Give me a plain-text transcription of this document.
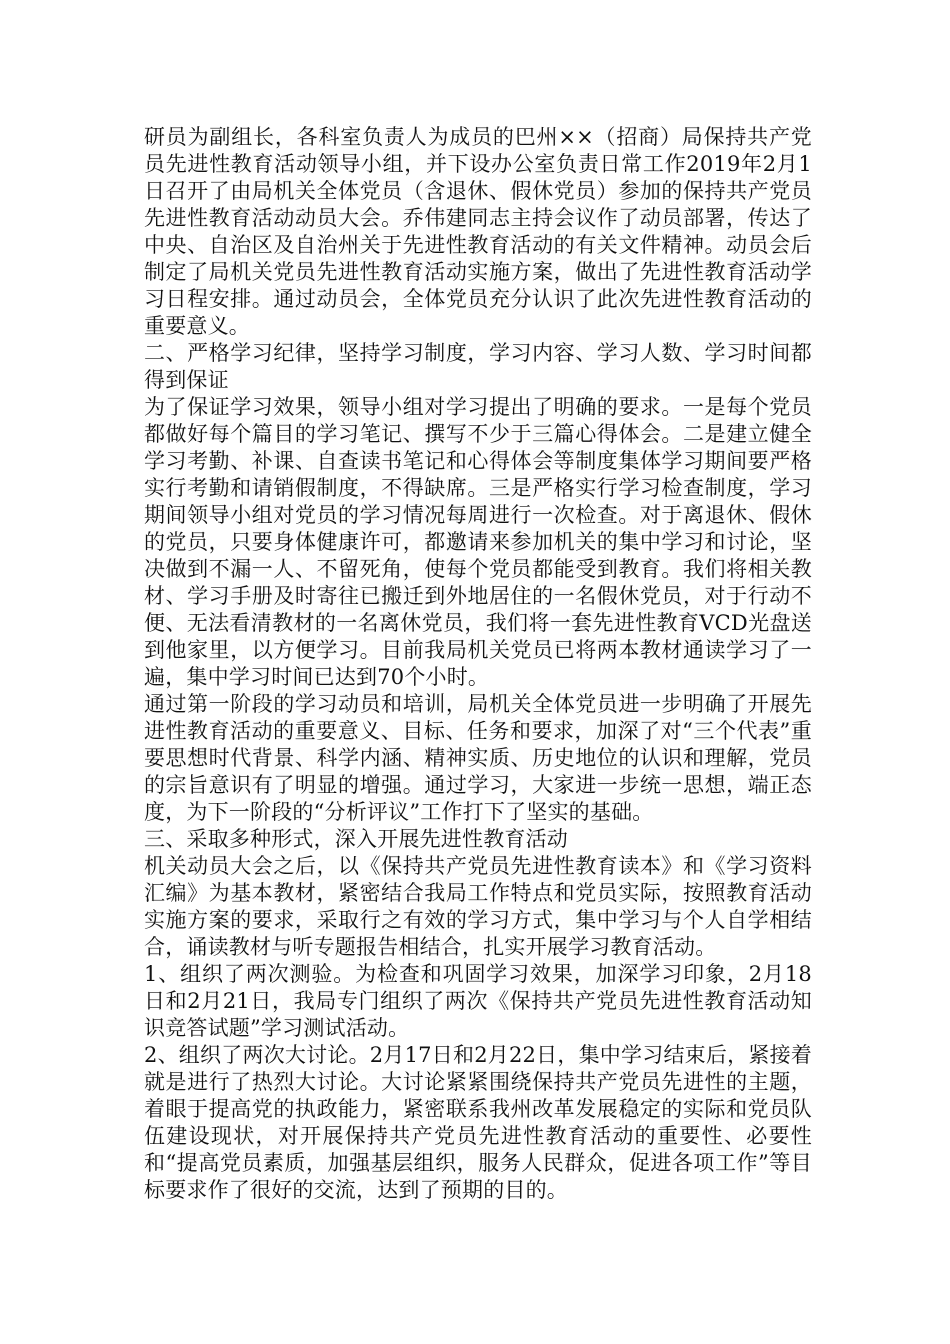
研员为副组长，各科室负责人为成员的巴州××（招商）局保持共产党员先进性教育活动领导小组，并下设办公室负责日常工作2019年2月1日召开了由局机关全体党员（含退休、假休党员）参加的保持共产党员先进性教育活动动员大会。乔伟建同志主持会议作了动员部署，传达了中央、自治区及自治州关于先进性教育活动的有关文件精神。动员会后制定了局机关党员先进性教育活动实施方案，做出了先进性教育活动学习日程安排。通过动员会，全体党员充分认识了此次先进性教育活动的重要意义。

二、严格学习纪律，坚持学习制度，学习内容、学习人数、学习时间都得到保证

为了保证学习效果，领导小组对学习提出了明确的要求。一是每个党员都做好每个篇目的学习笔记、撰写不少于三篇心得体会。二是建立健全学习考勤、补课、自查读书笔记和心得体会等制度集体学习期间要严格实行考勤和请销假制度，不得缺席。三是严格实行学习检查制度，学习期间领导小组对党员的学习情况每周进行一次检查。对于离退休、假休的党员，只要身体健康许可，都邀请来参加机关的集中学习和讨论，坚决做到不漏一人、不留死角，使每个党员都能受到教育。我们将相关教材、学习手册及时寄往已搬迁到外地居住的一名假休党员，对于行动不便、无法看清教材的一名离休党员，我们将一套先进性教育VCD光盘送到他家里，以方便学习。目前我局机关党员已将两本教材通读学习了一遍，集中学习时间已达到70个小时。

通过第一阶段的学习动员和培训，局机关全体党员进一步明确了开展先进性教育活动的重要意义、目标、任务和要求，加深了对“三个代表”重要思想时代背景、科学内涵、精神实质、历史地位的认识和理解，党员的宗旨意识有了明显的增强。通过学习，大家进一步统一思想，端正态度，为下一阶段的“分析评议”工作打下了坚实的基础。

三、采取多种形式，深入开展先进性教育活动

机关动员大会之后，以《保持共产党员先进性教育读本》和《学习资料汇编》为基本教材，紧密结合我局工作特点和党员实际，按照教育活动实施方案的要求，采取行之有效的学习方式，集中学习与个人自学相结合，诵读教材与听专题报告相结合，扎实开展学习教育活动。

1、组织了两次测验。为检查和巩固学习效果，加深学习印象，2月18日和2月21日，我局专门组织了两次《保持共产党员先进性教育活动知识竞答试题”学习测试活动。

2、组织了两次大讨论。2月17日和2月22日，集中学习结束后，紧接着就是进行了热烈大讨论。大讨论紧紧围绕保持共产党员先进性的主题，着眼于提高党的执政能力，紧密联系我州改革发展稳定的实际和党员队伍建设现状，对开展保持共产党员先进性教育活动的重要性、必要性和“提高党员素质，加强基层组织，服务人民群众，促进各项工作”等目标要求作了很好的交流，达到了预期的目的。
